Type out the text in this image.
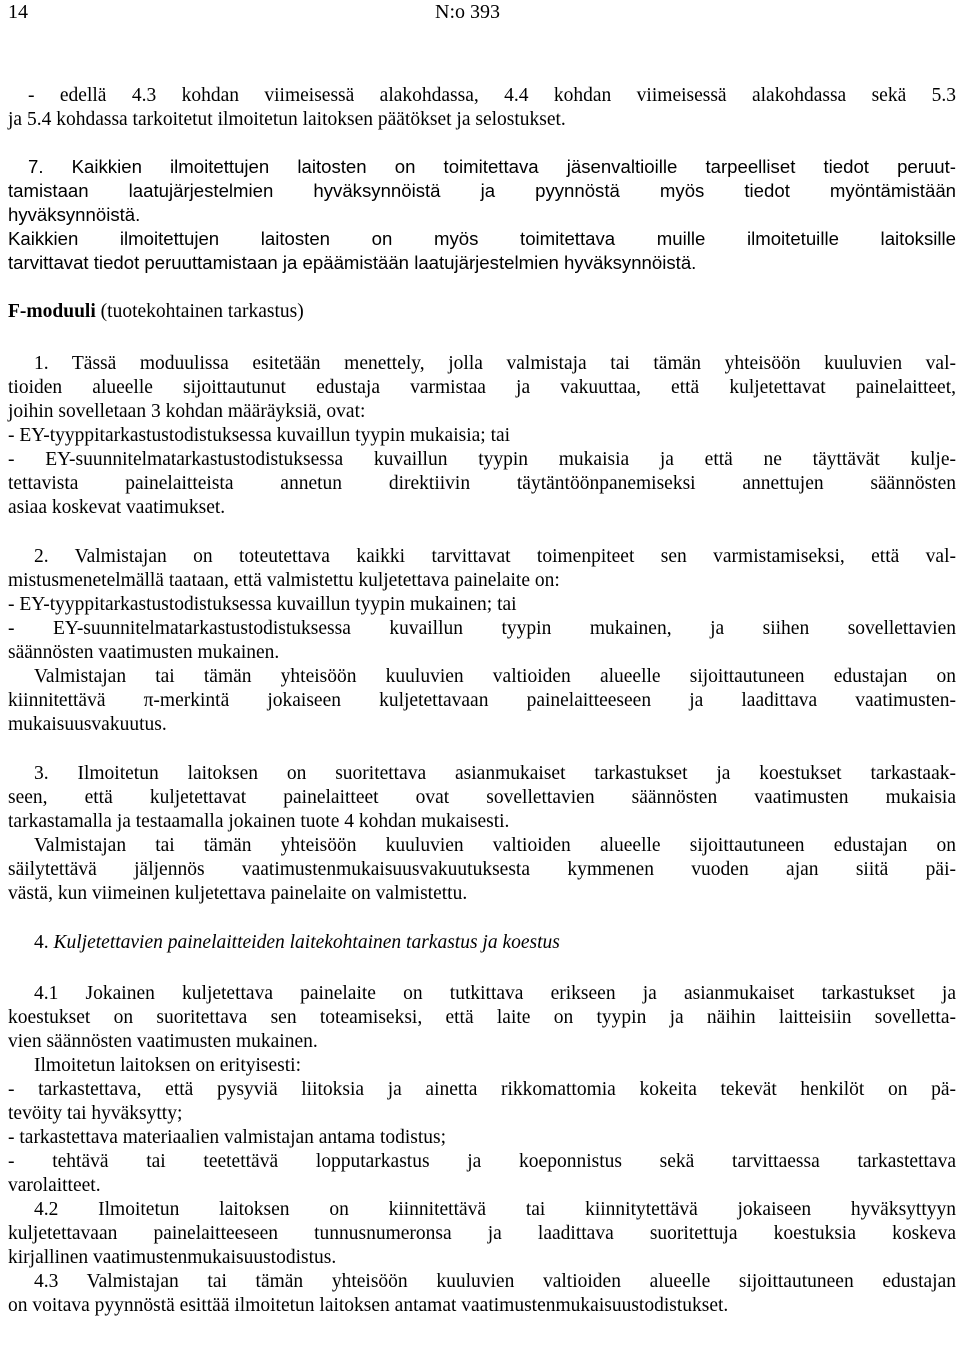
14	N:o 393
- edellä 4.3 kohdan viimeisessä alakohdassa, 4.4 kohdan viimeisessä alakohdassa sekä 5.3
ja 5.4 kohdassa tarkoitetut ilmoitetun laitoksen päätökset ja selostukset.
7. Kaikkien ilmoitettujen laitosten on toimitettava jäsenvaltioille tarpeelliset tiedot peruut-
tamistaan laatujärjestelmien hyväksynnöistä ja pyynnöstä myös tiedot myöntämistään
hyväksynnöistä.
Kaikkien ilmoitettujen laitosten on myös toimitettava muille ilmoitetuille laitoksille
tarvittavat tiedot peruuttamistaan ja epäämistään laatujärjestelmien hyväksynnöistä.
F-moduuli (tuotekohtainen tarkastus)
1. Tässä moduulissa esitetään menettely, jolla valmistaja tai tämän yhteisöön kuuluvien val-
tioiden alueelle sijoittautunut edustaja varmistaa ja vakuuttaa, että kuljetettavat painelaitteet,
joihin sovelletaan 3 kohdan määräyksiä, ovat:
- EY-tyyppitarkastustodistuksessa kuvaillun tyypin mukaisia; tai
- EY-suunnitelmatarkastustodistuksessa kuvaillun tyypin mukaisia ja että ne täyttävät kulje-
tettavista painelaitteista annetun direktiivin täytäntöönpanemiseksi annettujen säännösten
asiaa koskevat vaatimukset.
2. Valmistajan on toteutettava kaikki tarvittavat toimenpiteet sen varmistamiseksi, että val-
mistusmenetelmällä taataan, että valmistettu kuljetettava painelaite on:
- EY-tyyppitarkastustodistuksessa kuvaillun tyypin mukainen; tai
- EY-suunnitelmatarkastustodistuksessa kuvaillun tyypin mukainen, ja siihen sovellettavien
säännösten vaatimusten mukainen.
Valmistajan tai tämän yhteisöön kuuluvien valtioiden alueelle sijoittautuneen edustajan on
kiinnitettävä π-merkintä jokaiseen kuljetettavaan painelaitteeseen ja laadittava vaatimusten-
mukaisuusvakuutus.
3. Ilmoitetun laitoksen on suoritettava asianmukaiset tarkastukset ja koestukset tarkastaak-
seen, että kuljetettavat painelaitteet ovat sovellettavien säännösten vaatimusten mukaisia
tarkastamalla ja testaamalla jokainen tuote 4 kohdan mukaisesti.
Valmistajan tai tämän yhteisöön kuuluvien valtioiden alueelle sijoittautuneen edustajan on
säilytettävä jäljennös vaatimustenmukaisuusvakuutuksesta kymmenen vuoden ajan siitä päi-
västä, kun viimeinen kuljetettava painelaite on valmistettu.
4. Kuljetettavien painelaitteiden laitekohtainen tarkastus ja koestus
4.1 Jokainen kuljetettava painelaite on tutkittava erikseen ja asianmukaiset tarkastukset ja
koestukset on suoritettava sen toteamiseksi, että laite on tyypin ja näihin laitteisiin sovelletta-
vien säännösten vaatimusten mukainen.
Ilmoitetun laitoksen on erityisesti:
- tarkastettava, että pysyviä liitoksia ja ainetta rikkomattomia kokeita tekevät henkilöt on pä-
tevöity tai hyväksytty;
- tarkastettava materiaalien valmistajan antama todistus;
- tehtävä tai teetettävä lopputarkastus ja koeponnistus sekä tarvittaessa tarkastettava
varolaitteet.
4.2 Ilmoitetun laitoksen on kiinnitettävä tai kiinnitytettävä jokaiseen hyväksyttyyn
kuljetettavaan painelaitteeseen tunnusnumeronsa ja laadittava suoritettuja koestuksia koskeva
kirjallinen vaatimustenmukaisuustodistus.
4.3 Valmistajan tai tämän yhteisöön kuuluvien valtioiden alueelle sijoittautuneen edustajan
on voitava pyynnöstä esittää ilmoitetun laitoksen antamat vaatimustenmukaisuustodistukset.
